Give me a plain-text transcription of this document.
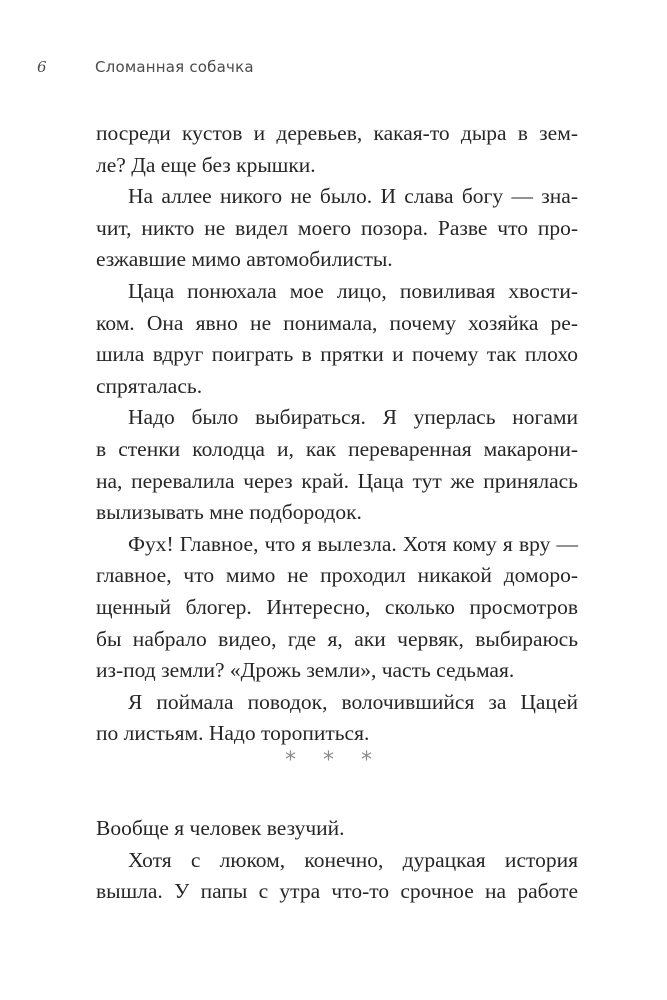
6	Сломанная собачка
посреди кустов и деревьев, какая-то дыра в зем-
ле? Да еще без крышки.
На аллее никого не было. И слава богу — зна-
чит, никто не видел моего позора. Разве что про-
езжавшие мимо автомобилисты.
Цаца понюхала мое лицо, повиливая хвости-
ком. Она явно не понимала, почему хозяйка ре-
шила вдруг поиграть в прятки и почему так плохо
спряталась.
Надо было выбираться. Я уперлась ногами
в стенки колодца и, как переваренная макарони-
на, перевалила через край. Цаца тут же принялась
вылизывать мне подбородок.
Фух! Главное, что я вылезла. Хотя кому я вру —
главное, что мимо не проходил никакой доморо-
щенный блогер. Интересно, сколько просмотров
бы набрало видео, где я, аки червяк, выбираюсь
из-под земли? «Дрожь земли», часть седьмая.
Я поймала поводок, волочившийся за Цацей
по листьям. Надо торопиться.
* * *
Вообще я человек везучий.
Хотя с люком, конечно, дурацкая история
вышла. У папы с утра что-то срочное на работе
